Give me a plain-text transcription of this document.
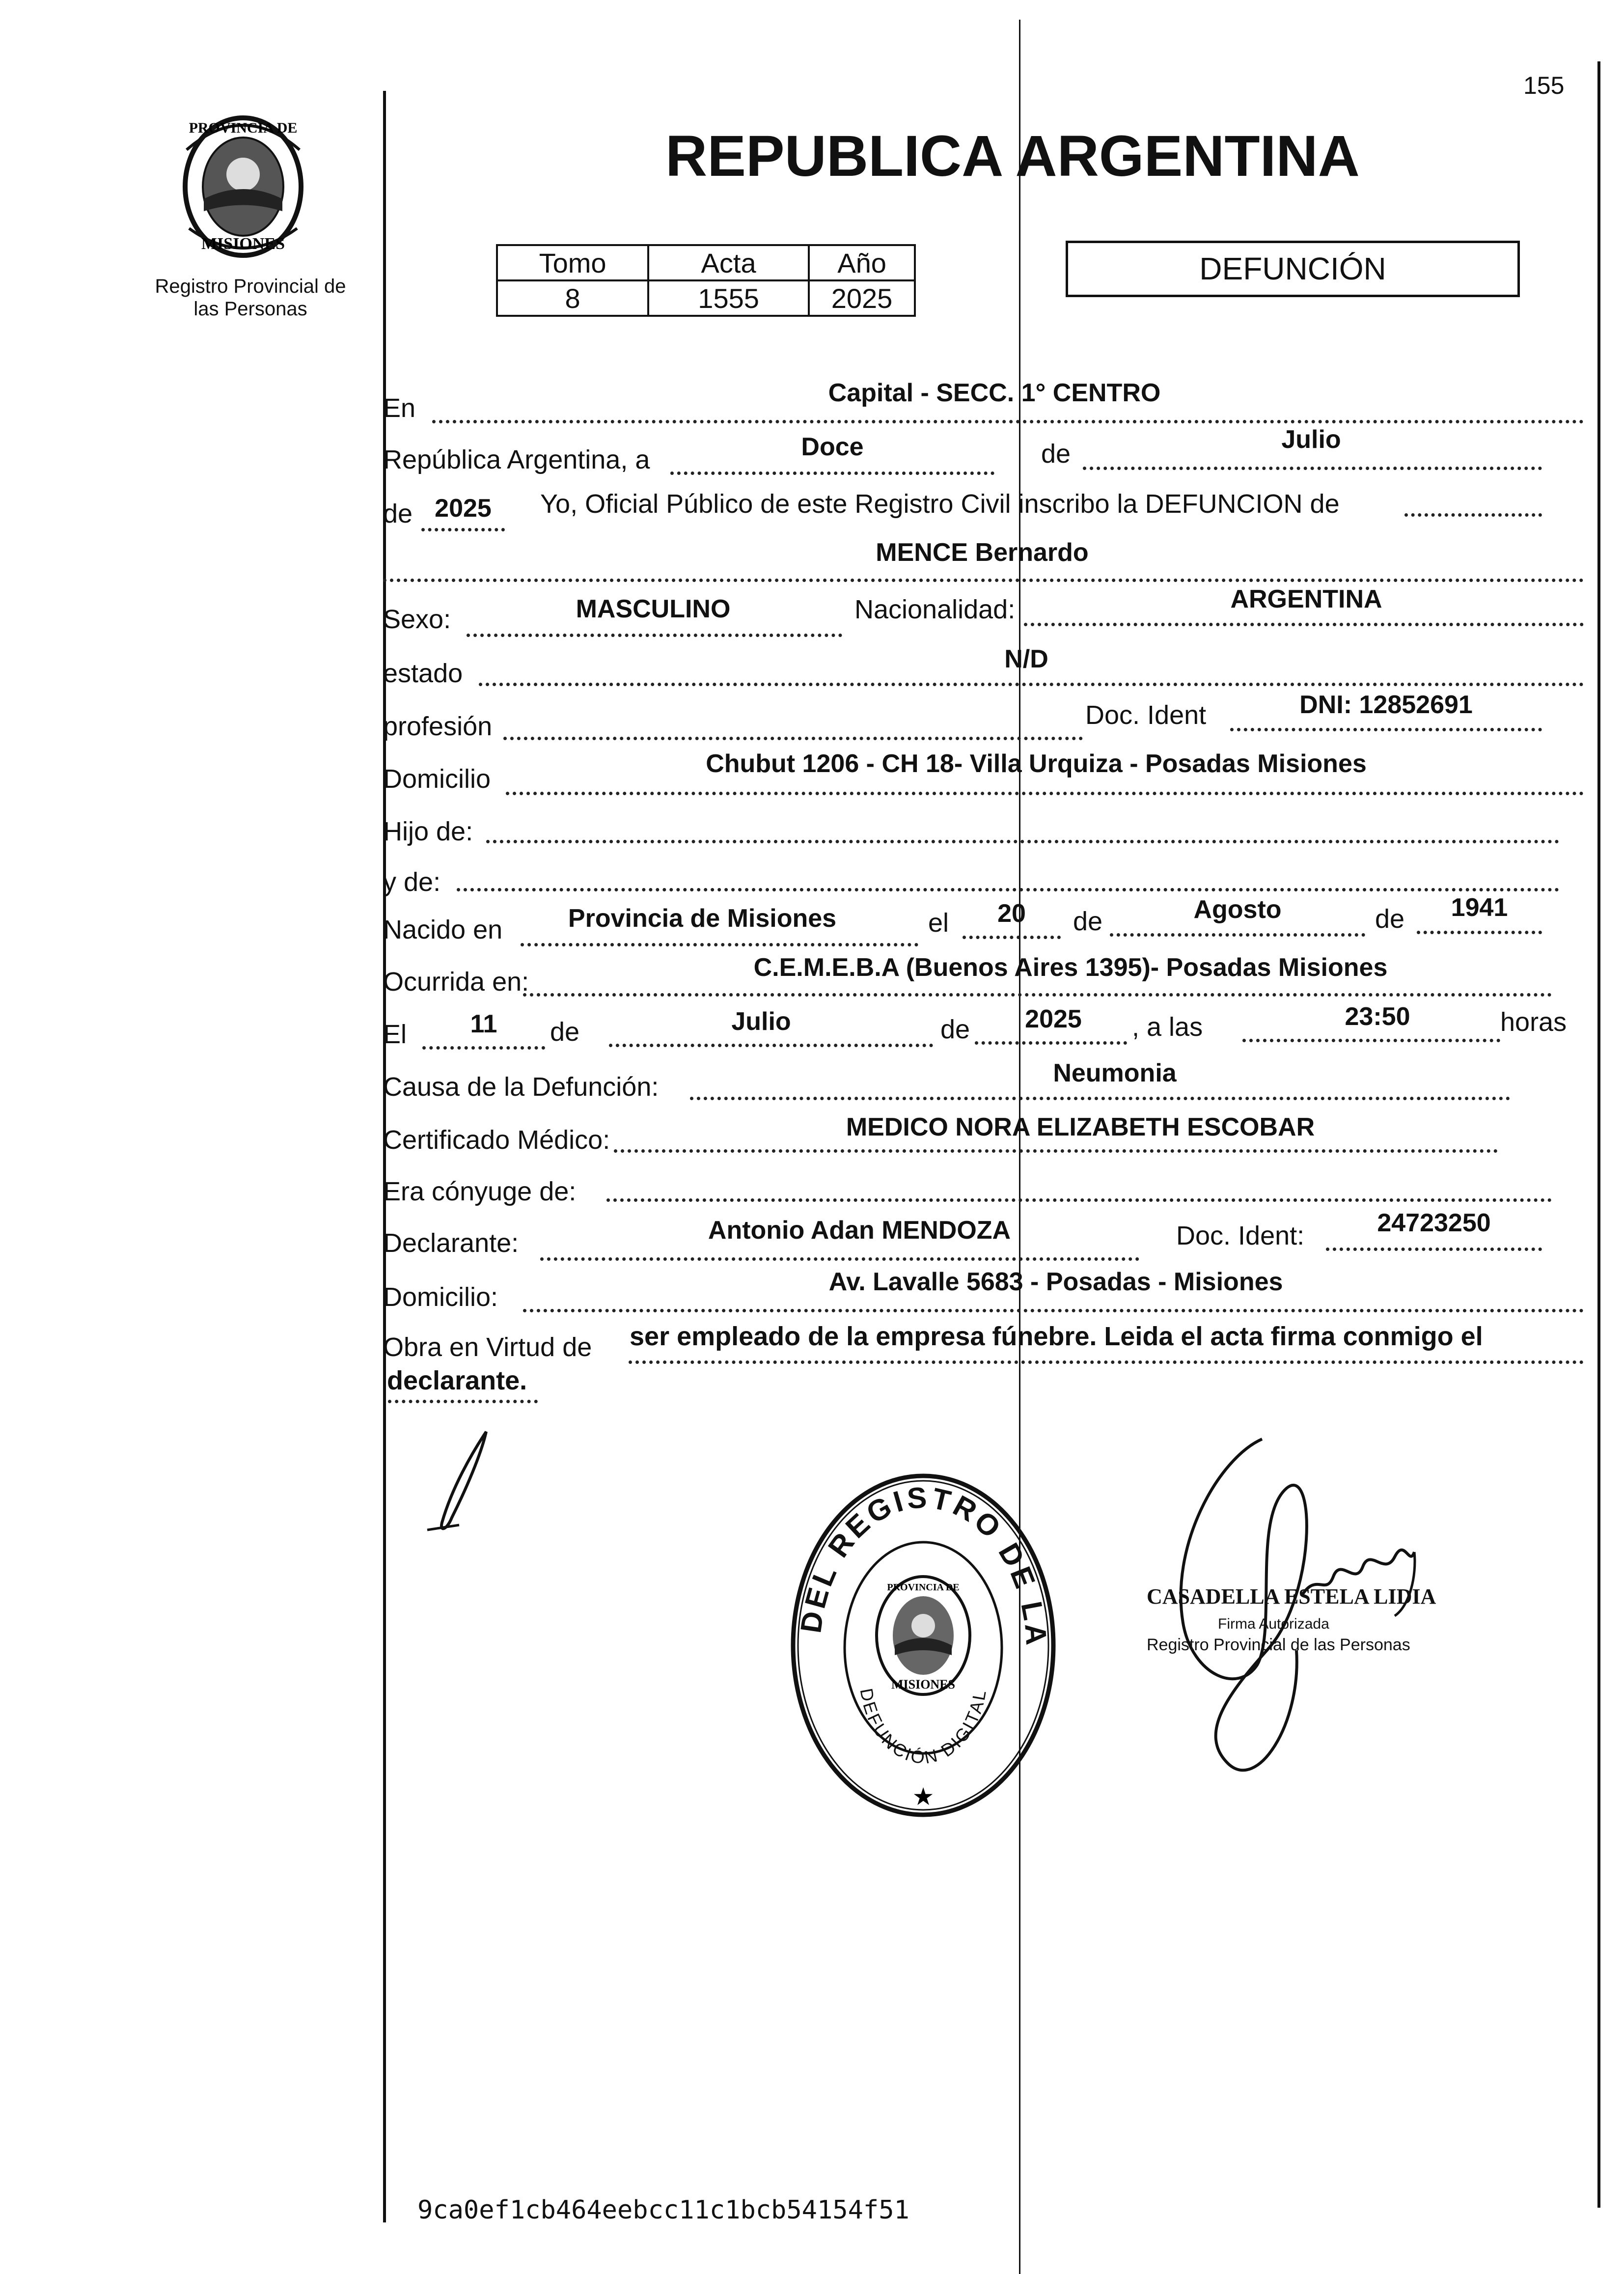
155
PROVINCIA DE
MISIONES
Registro Provincial de
las Personas
REPUBLICA ARGENTINA
Tomo	Acta	Año
8	1555	2025
DEFUNCIÓN
En
Capital - SECC. 1° CENTRO
República Argentina, a	Doce	de	Julio
de 2025	Yo, Oficial Público de este Registro Civil inscribo la DEFUNCION de
MENCE Bernardo
Sexo:	MASCULINO	Nacionalidad:	ARGENTINA
estado	N/D
profesión	Doc. Ident	DNI: 12852691
Domicilio
Chubut 1206 - CH 18- Villa Urquiza - Posadas Misiones
Hijo de:
y de:
Nacido en	Provincia de Misiones	el	20	de	Agosto	de	1941
Ocurrida en:	C.E.M.E.B.A (Buenos Aires 1395)- Posadas Misiones
El	11	de	Julio	de	2025	, a las	23:50	horas
Causa de la Defunción:	Neumonia
Certificado Médico:	MEDICO NORA ELIZABETH ESCOBAR
Era cónyuge de:
Declarante:	Antonio Adan MENDOZA	Doc. Ident:	24723250
Domicilio:
Av. Lavalle 5683 - Posadas - Misiones
Obra en Virtud de ser empleado de la empresa fúnebre. Leida el acta firma conmigo el
declarante.
DEL REGISTRO DE LA
DEFUNCIÓN DIGITAL
PROVINCIA DE
MISIONES
★
CASADELLA ESTELA LIDIA
Firma Autorizada
Registro Provincial de las Personas
9ca0ef1cb464eebcc11c1bcb54154f51
